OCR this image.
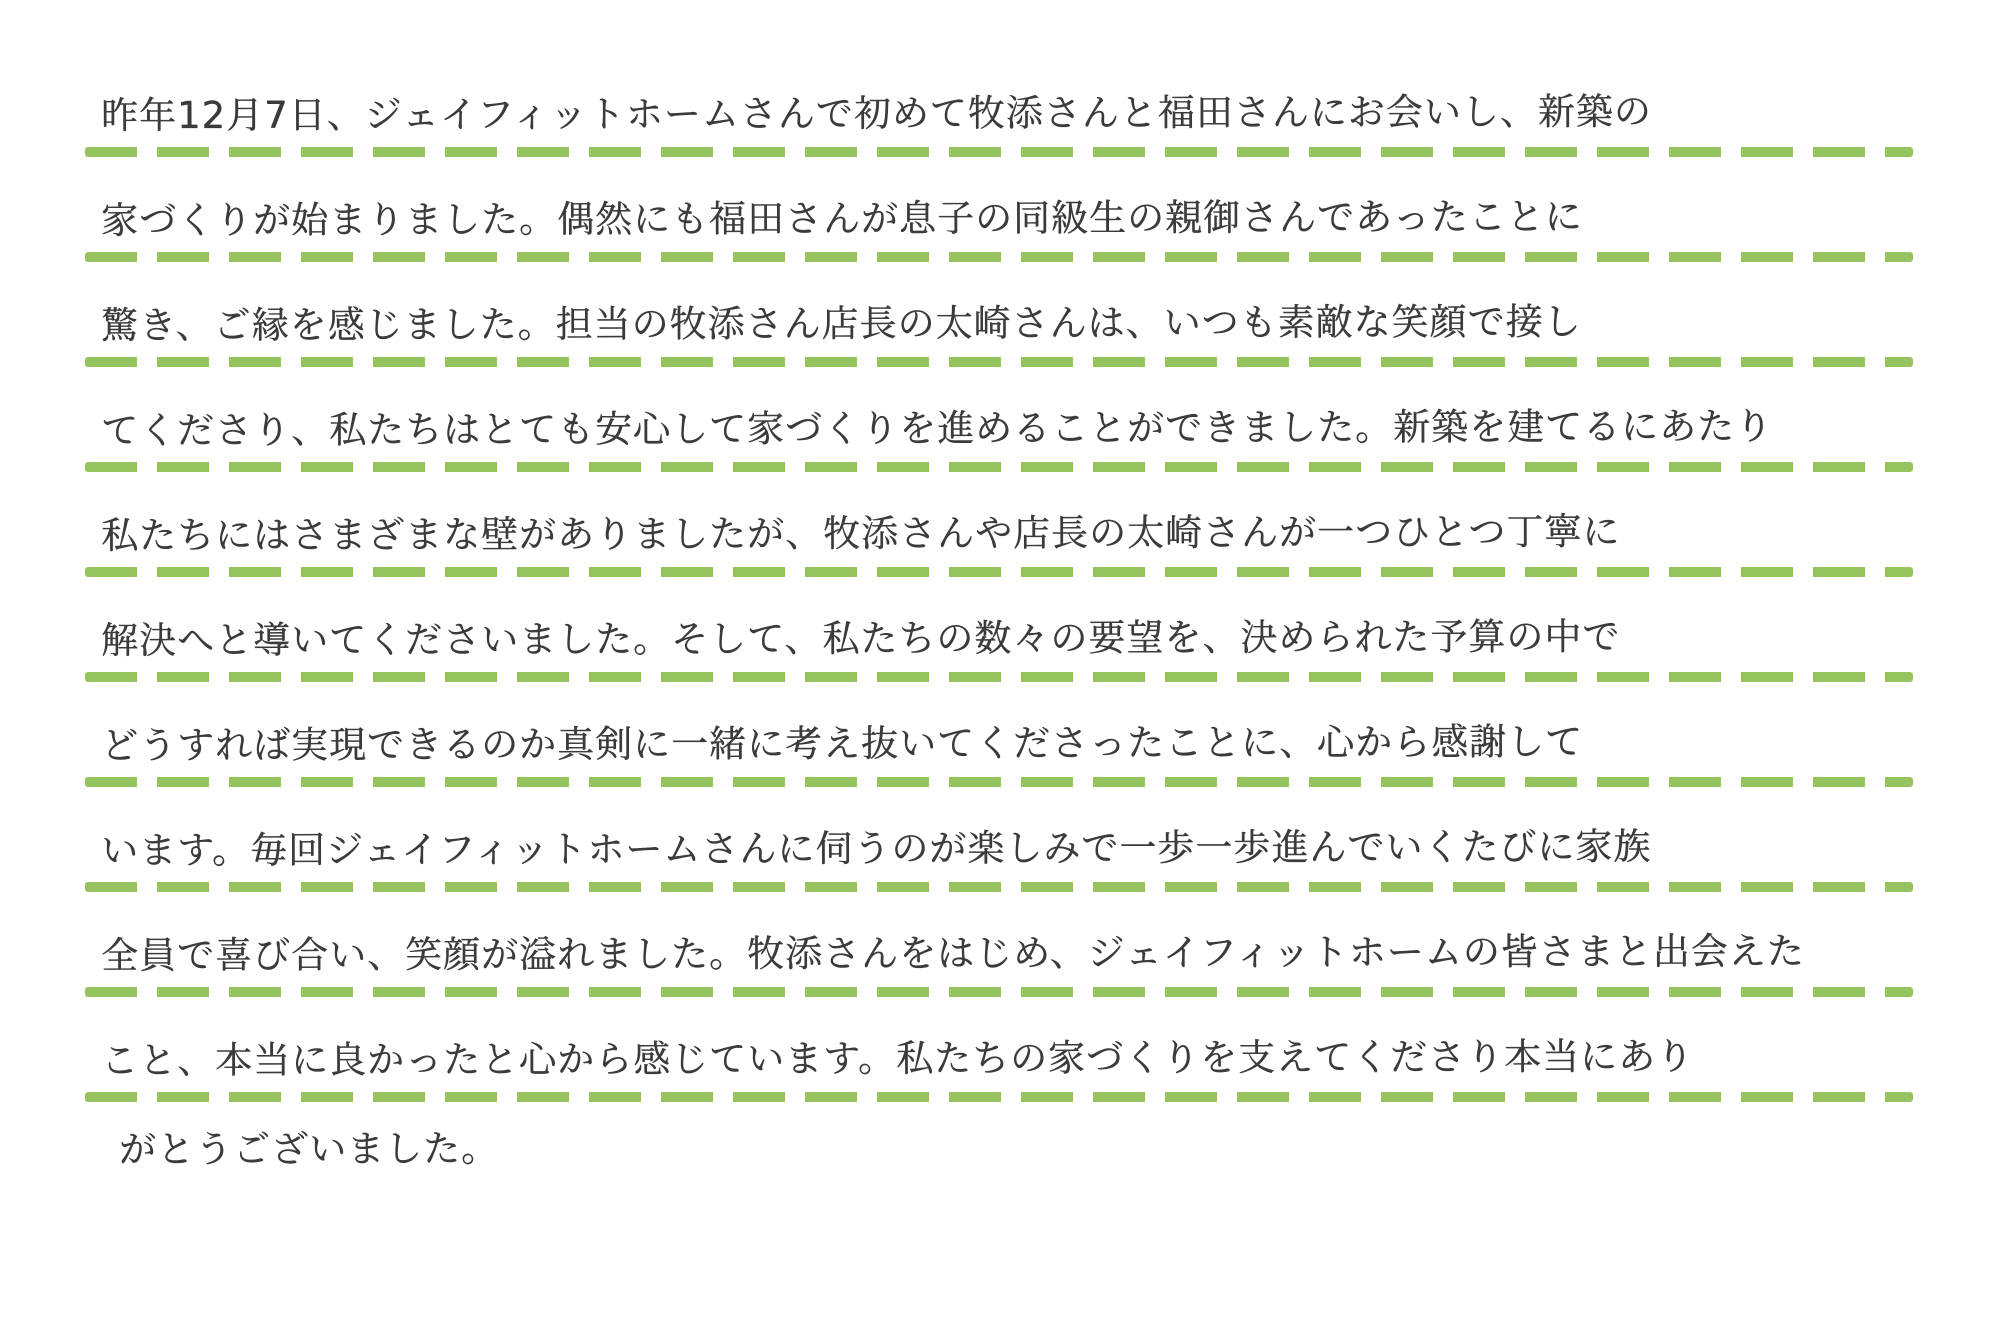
昨年12月7日、ジェイフィットホームさんで初めて牧添さんと福田さんにお会いし、新築の
家づくりが始まりました。偶然にも福田さんが息子の同級生の親御さんであったことに
驚き、ご縁を感じました。担当の牧添さん店長の太崎さんは、いつも素敵な笑顔で接し
てくださり、私たちはとても安心して家づくりを進めることができました。新築を建てるにあたり
私たちにはさまざまな壁がありましたが、牧添さんや店長の太崎さんが一つひとつ丁寧に
解決へと導いてくださいました。そして、私たちの数々の要望を、決められた予算の中で
どうすれば実現できるのか真剣に一緒に考え抜いてくださったことに、心から感謝して
います。毎回ジェイフィットホームさんに伺うのが楽しみで一歩一歩進んでいくたびに家族
全員で喜び合い、笑顔が溢れました。牧添さんをはじめ、ジェイフィットホームの皆さまと出会えた
こと、本当に良かったと心から感じています。私たちの家づくりを支えてくださり本当にあり
がとうございました。
